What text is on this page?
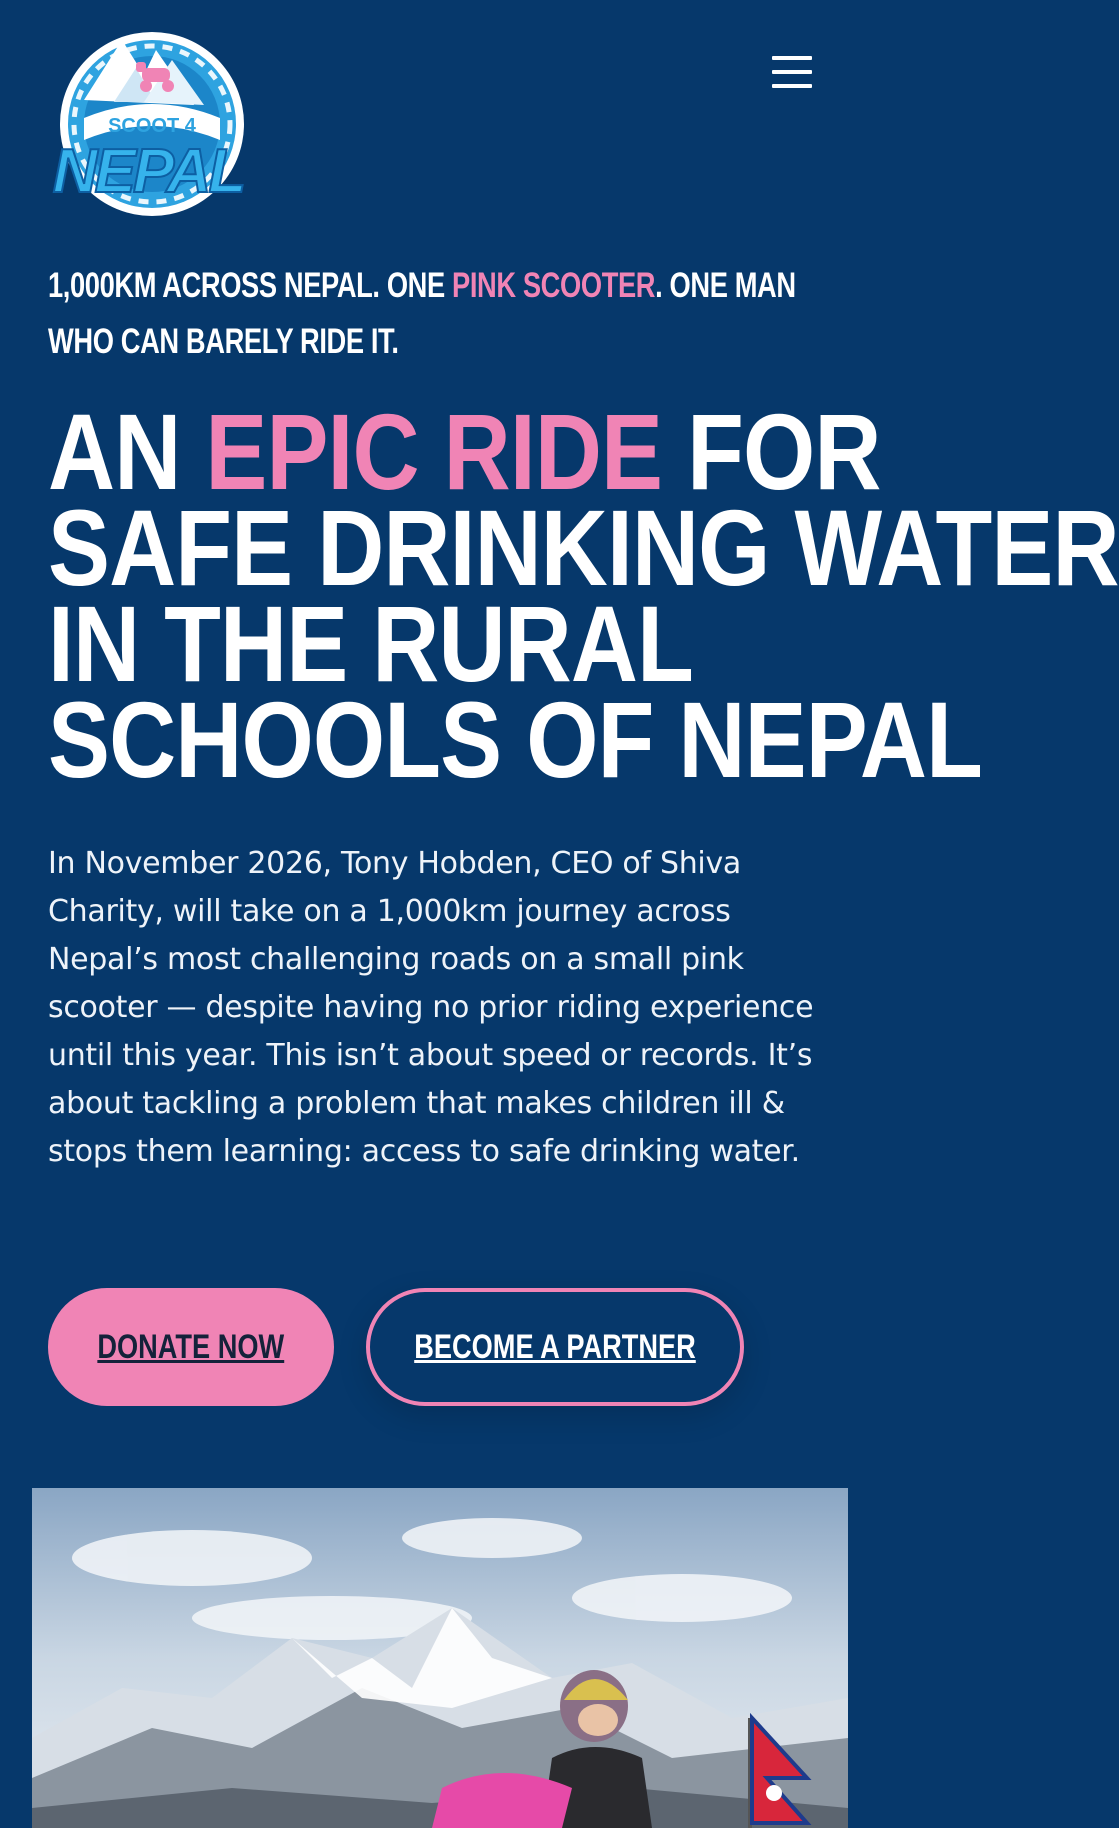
SCOOT 4
NEPAL

1,000KM ACROSS NEPAL. ONE PINK SCOOTER. ONE MAN WHO CAN BARELY RIDE IT.

AN EPIC RIDE FOR
SAFE DRINKING WATER
IN THE RURAL
SCHOOLS OF NEPAL

In November 2026, Tony Hobden, CEO of Shiva Charity, will take on a 1,000km journey across Nepal’s most challenging roads on a small pink scooter — despite having no prior riding experience until this year. This isn’t about speed or records. It’s about tackling a problem that makes children ill & stops them learning: access to safe drinking water.

DONATE NOW	BECOME A PARTNER
